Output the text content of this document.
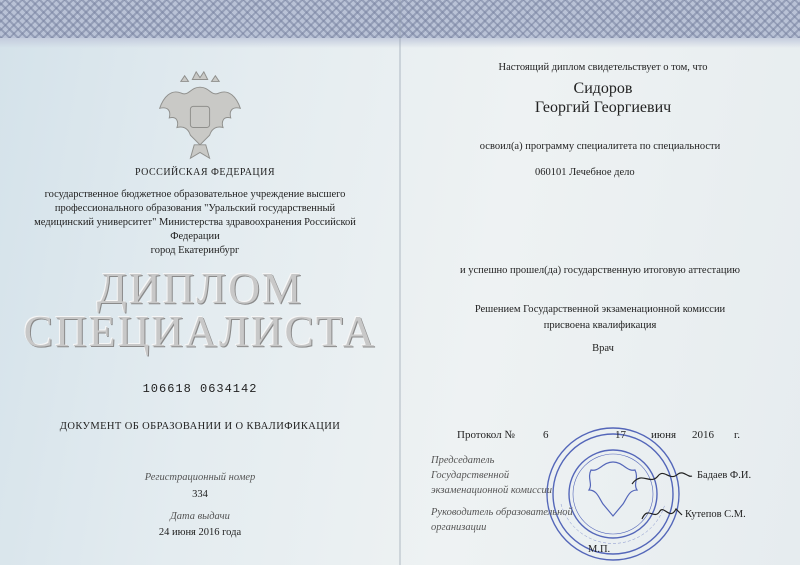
РОССИЙСКАЯ ФЕДЕРАЦИЯ
государственное бюджетное образовательное учреждение высшего
профессионального образования "Уральский государственный
медицинский университет" Министерства здравоохранения Российской
Федерации
город Екатеринбург
ДИПЛОМ
СПЕЦИАЛИСТА
106618 0634142
ДОКУМЕНТ ОБ ОБРАЗОВАНИИ И О КВАЛИФИКАЦИИ
Регистрационный номер
334
Дата выдачи
24 июня 2016 года
Настоящий диплом свидетельствует о том, что
Сидоров
Георгий Георгиевич
освоил(а) программу специалитета по специальности
060101 Лечебное дело
и успешно прошел(да) государственную итоговую аттестацию
Решением Государственной экзаменационной комиссии
присвоена квалификация
Врач
Протокол №	6	17 июня 2016 г.
Председатель
Государственной
экзаменационной комиссии
Бадаев Ф.И.
Руководитель образовательной
организации
Кутепов С.М.
М.П.
